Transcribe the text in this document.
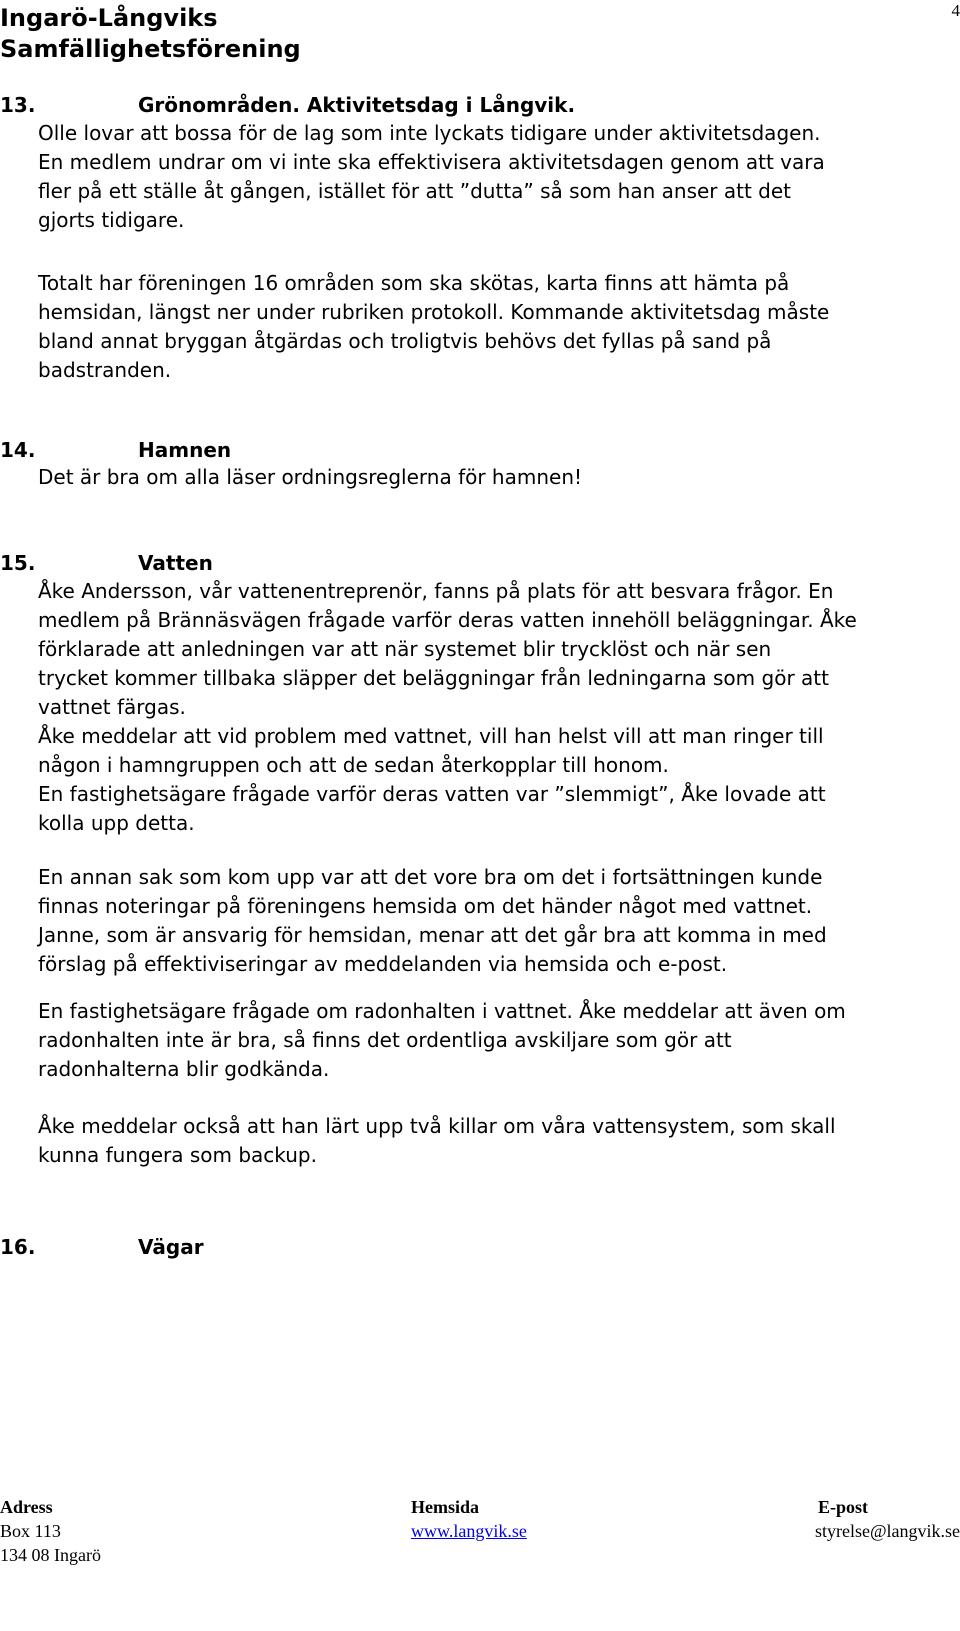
Ingarö-Långviks
Samfällighetsförening
4
13.	Grönområden. Aktivitetsdag i Långvik.
Olle lovar att bossa för de lag som inte lyckats tidigare under aktivitetsdagen.
En medlem undrar om vi inte ska effektivisera aktivitetsdagen genom att vara
fler på ett ställe åt gången, istället för att ”dutta” så som han anser att det
gjorts tidigare.
Totalt har föreningen 16 områden som ska skötas, karta finns att hämta på
hemsidan, längst ner under rubriken protokoll. Kommande aktivitetsdag måste
bland annat bryggan åtgärdas och troligtvis behövs det fyllas på sand på
badstranden.
14.	Hamnen
Det är bra om alla läser ordningsreglerna för hamnen!
15.	Vatten
Åke Andersson, vår vattenentreprenör, fanns på plats för att besvara frågor. En
medlem på Brännäsvägen frågade varför deras vatten innehöll beläggningar. Åke
förklarade att anledningen var att när systemet blir trycklöst och när sen
trycket kommer tillbaka släpper det beläggningar från ledningarna som gör att
vattnet färgas.
Åke meddelar att vid problem med vattnet, vill han helst vill att man ringer till
någon i hamngruppen och att de sedan återkopplar till honom.
En fastighetsägare frågade varför deras vatten var ”slemmigt”, Åke lovade att
kolla upp detta.
En annan sak som kom upp var att det vore bra om det i fortsättningen kunde
finnas noteringar på föreningens hemsida om det händer något med vattnet.
Janne, som är ansvarig för hemsidan, menar att det går bra att komma in med
förslag på effektiviseringar av meddelanden via hemsida och e-post.
En fastighetsägare frågade om radonhalten i vattnet. Åke meddelar att även om
radonhalten inte är bra, så finns det ordentliga avskiljare som gör att
radonhalterna blir godkända.
Åke meddelar också att han lärt upp två killar om våra vattensystem, som skall
kunna fungera som backup.
16.	Vägar
Adress
Box 113
134 08 Ingarö
Hemsida
www.langvik.se
E-post
styrelse@langvik.se
